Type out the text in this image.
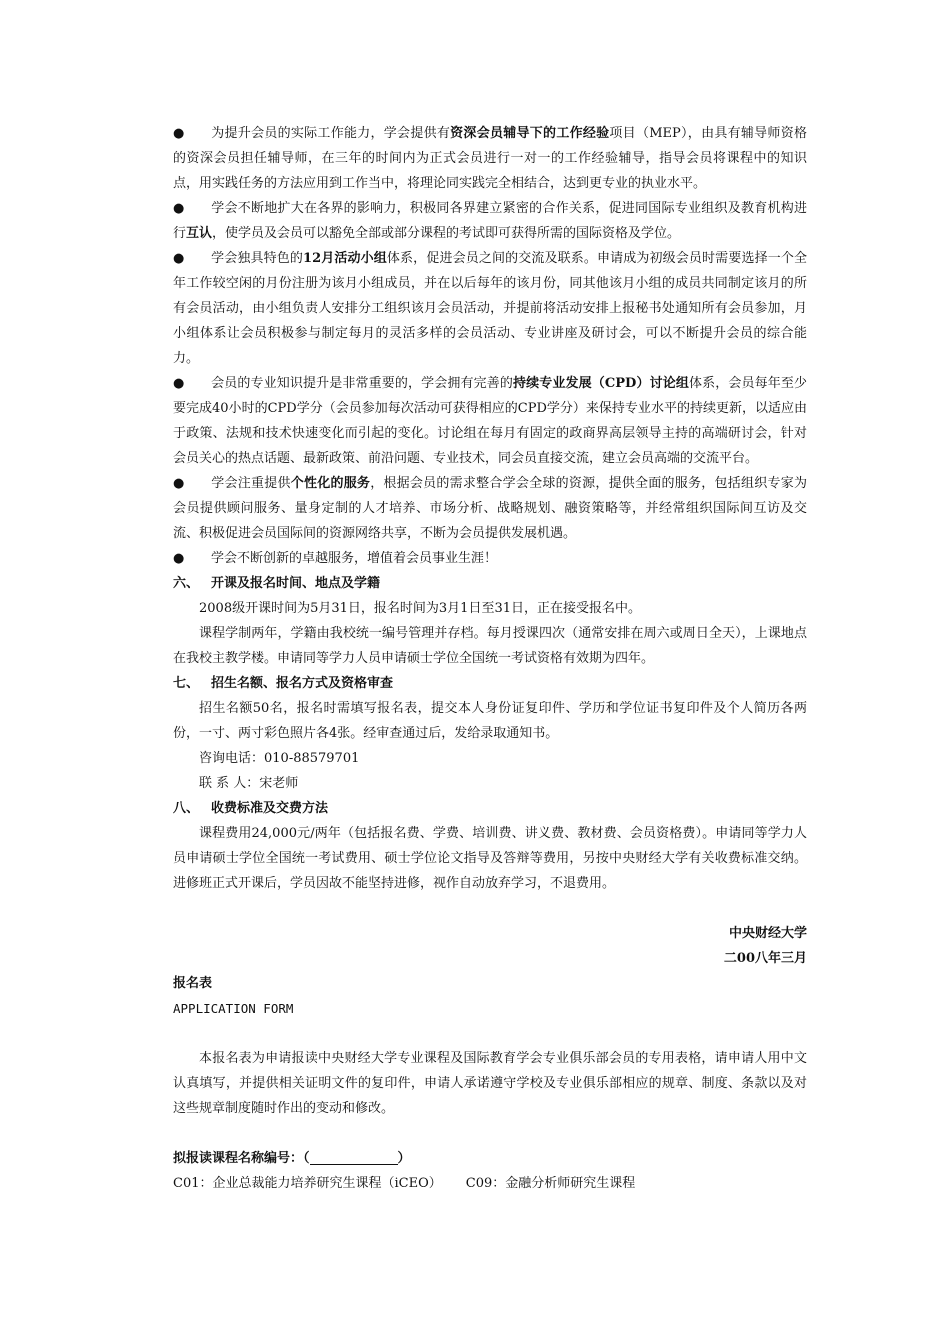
● 为提升会员的实际工作能力，学会提供有资深会员辅导下的工作经验项目（MEP），由具有辅导师资格的资深会员担任辅导师，在三年的时间内为正式会员进行一对一的工作经验辅导，指导会员将课程中的知识点，用实践任务的方法应用到工作当中，将理论同实践完全相结合，达到更专业的执业水平。

● 学会不断地扩大在各界的影响力，积极同各界建立紧密的合作关系，促进同国际专业组织及教育机构进行互认，使学员及会员可以豁免全部或部分课程的考试即可获得所需的国际资格及学位。

● 学会独具特色的12月活动小组体系，促进会员之间的交流及联系。申请成为初级会员时需要选择一个全年工作较空闲的月份注册为该月小组成员，并在以后每年的该月份，同其他该月小组的成员共同制定该月的所有会员活动，由小组负责人安排分工组织该月会员活动，并提前将活动安排上报秘书处通知所有会员参加，月小组体系让会员积极参与制定每月的灵活多样的会员活动、专业讲座及研讨会，可以不断提升会员的综合能力。

● 会员的专业知识提升是非常重要的，学会拥有完善的持续专业发展（CPD）讨论组体系，会员每年至少要完成40小时的CPD学分（会员参加每次活动可获得相应的CPD学分）来保持专业水平的持续更新，以适应由于政策、法规和技术快速变化而引起的变化。讨论组在每月有固定的政商界高层领导主持的高端研讨会，针对会员关心的热点话题、最新政策、前沿问题、专业技术，同会员直接交流，建立会员高端的交流平台。

● 学会注重提供个性化的服务，根据会员的需求整合学会全球的资源，提供全面的服务，包括组织专家为会员提供顾问服务、量身定制的人才培养、市场分析、战略规划、融资策略等，并经常组织国际间互访及交流、积极促进会员国际间的资源网络共享，不断为会员提供发展机遇。

● 学会不断创新的卓越服务，增值着会员事业生涯！

六、 开课及报名时间、地点及学籍

2008级开课时间为5月31日，报名时间为3月1日至31日，正在接受报名中。

课程学制两年，学籍由我校统一编号管理并存档。每月授课四次（通常安排在周六或周日全天），上课地点在我校主教学楼。申请同等学力人员申请硕士学位全国统一考试资格有效期为四年。

七、 招生名额、报名方式及资格审查

招生名额50名，报名时需填写报名表，提交本人身份证复印件、学历和学位证书复印件及个人简历各两份，一寸、两寸彩色照片各4张。经审查通过后，发给录取通知书。

咨询电话：010-88579701

联 系 人：宋老师

八、 收费标准及交费方法

课程费用24,000元/两年（包括报名费、学费、培训费、讲义费、教材费、会员资格费）。申请同等学力人员申请硕士学位全国统一考试费用、硕士学位论文指导及答辩等费用，另按中央财经大学有关收费标准交纳。进修班正式开课后，学员因故不能坚持进修，视作自动放弃学习，不退费用。

中央财经大学

二00八年三月

报名表

APPLICATION FORM

本报名表为申请报读中央财经大学专业课程及国际教育学会专业俱乐部会员的专用表格，请申请人用中文认真填写，并提供相关证明文件的复印件，申请人承诺遵守学校及专业俱乐部相应的规章、制度、条款以及对这些规章制度随时作出的变动和修改。

拟报读课程名称编号：（	）

C01：企业总裁能力培养研究生课程（iCEO） C09：金融分析师研究生课程
